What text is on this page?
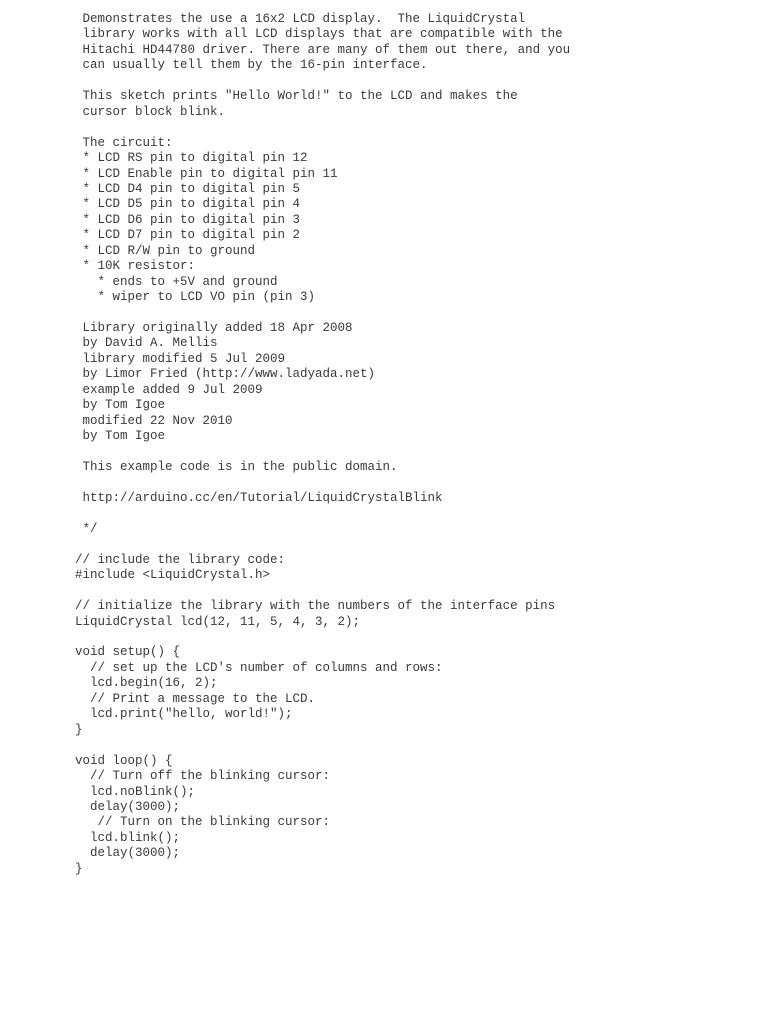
Demonstrates the use a 16x2 LCD display.  The LiquidCrystal
library works with all LCD displays that are compatible with the
Hitachi HD44780 driver. There are many of them out there, and you
can usually tell them by the 16-pin interface.
This sketch prints "Hello World!" to the LCD and makes the
cursor block blink.
The circuit:
* LCD RS pin to digital pin 12
* LCD Enable pin to digital pin 11
* LCD D4 pin to digital pin 5
* LCD D5 pin to digital pin 4
* LCD D6 pin to digital pin 3
* LCD D7 pin to digital pin 2
* LCD R/W pin to ground
* 10K resistor:
* ends to +5V and ground
* wiper to LCD VO pin (pin 3)
Library originally added 18 Apr 2008
by David A. Mellis
library modified 5 Jul 2009
by Limor Fried (http://www.ladyada.net)
example added 9 Jul 2009
by Tom Igoe
modified 22 Nov 2010
by Tom Igoe
This example code is in the public domain.
http://arduino.cc/en/Tutorial/LiquidCrystalBlink
*/
// include the library code:
#include <LiquidCrystal.h>
// initialize the library with the numbers of the interface pins
LiquidCrystal lcd(12, 11, 5, 4, 3, 2);
void setup() {
// set up the LCD's number of columns and rows:
lcd.begin(16, 2);
// Print a message to the LCD.
lcd.print("hello, world!");
}
void loop() {
// Turn off the blinking cursor:
lcd.noBlink();
delay(3000);
// Turn on the blinking cursor:
lcd.blink();
delay(3000);
}
